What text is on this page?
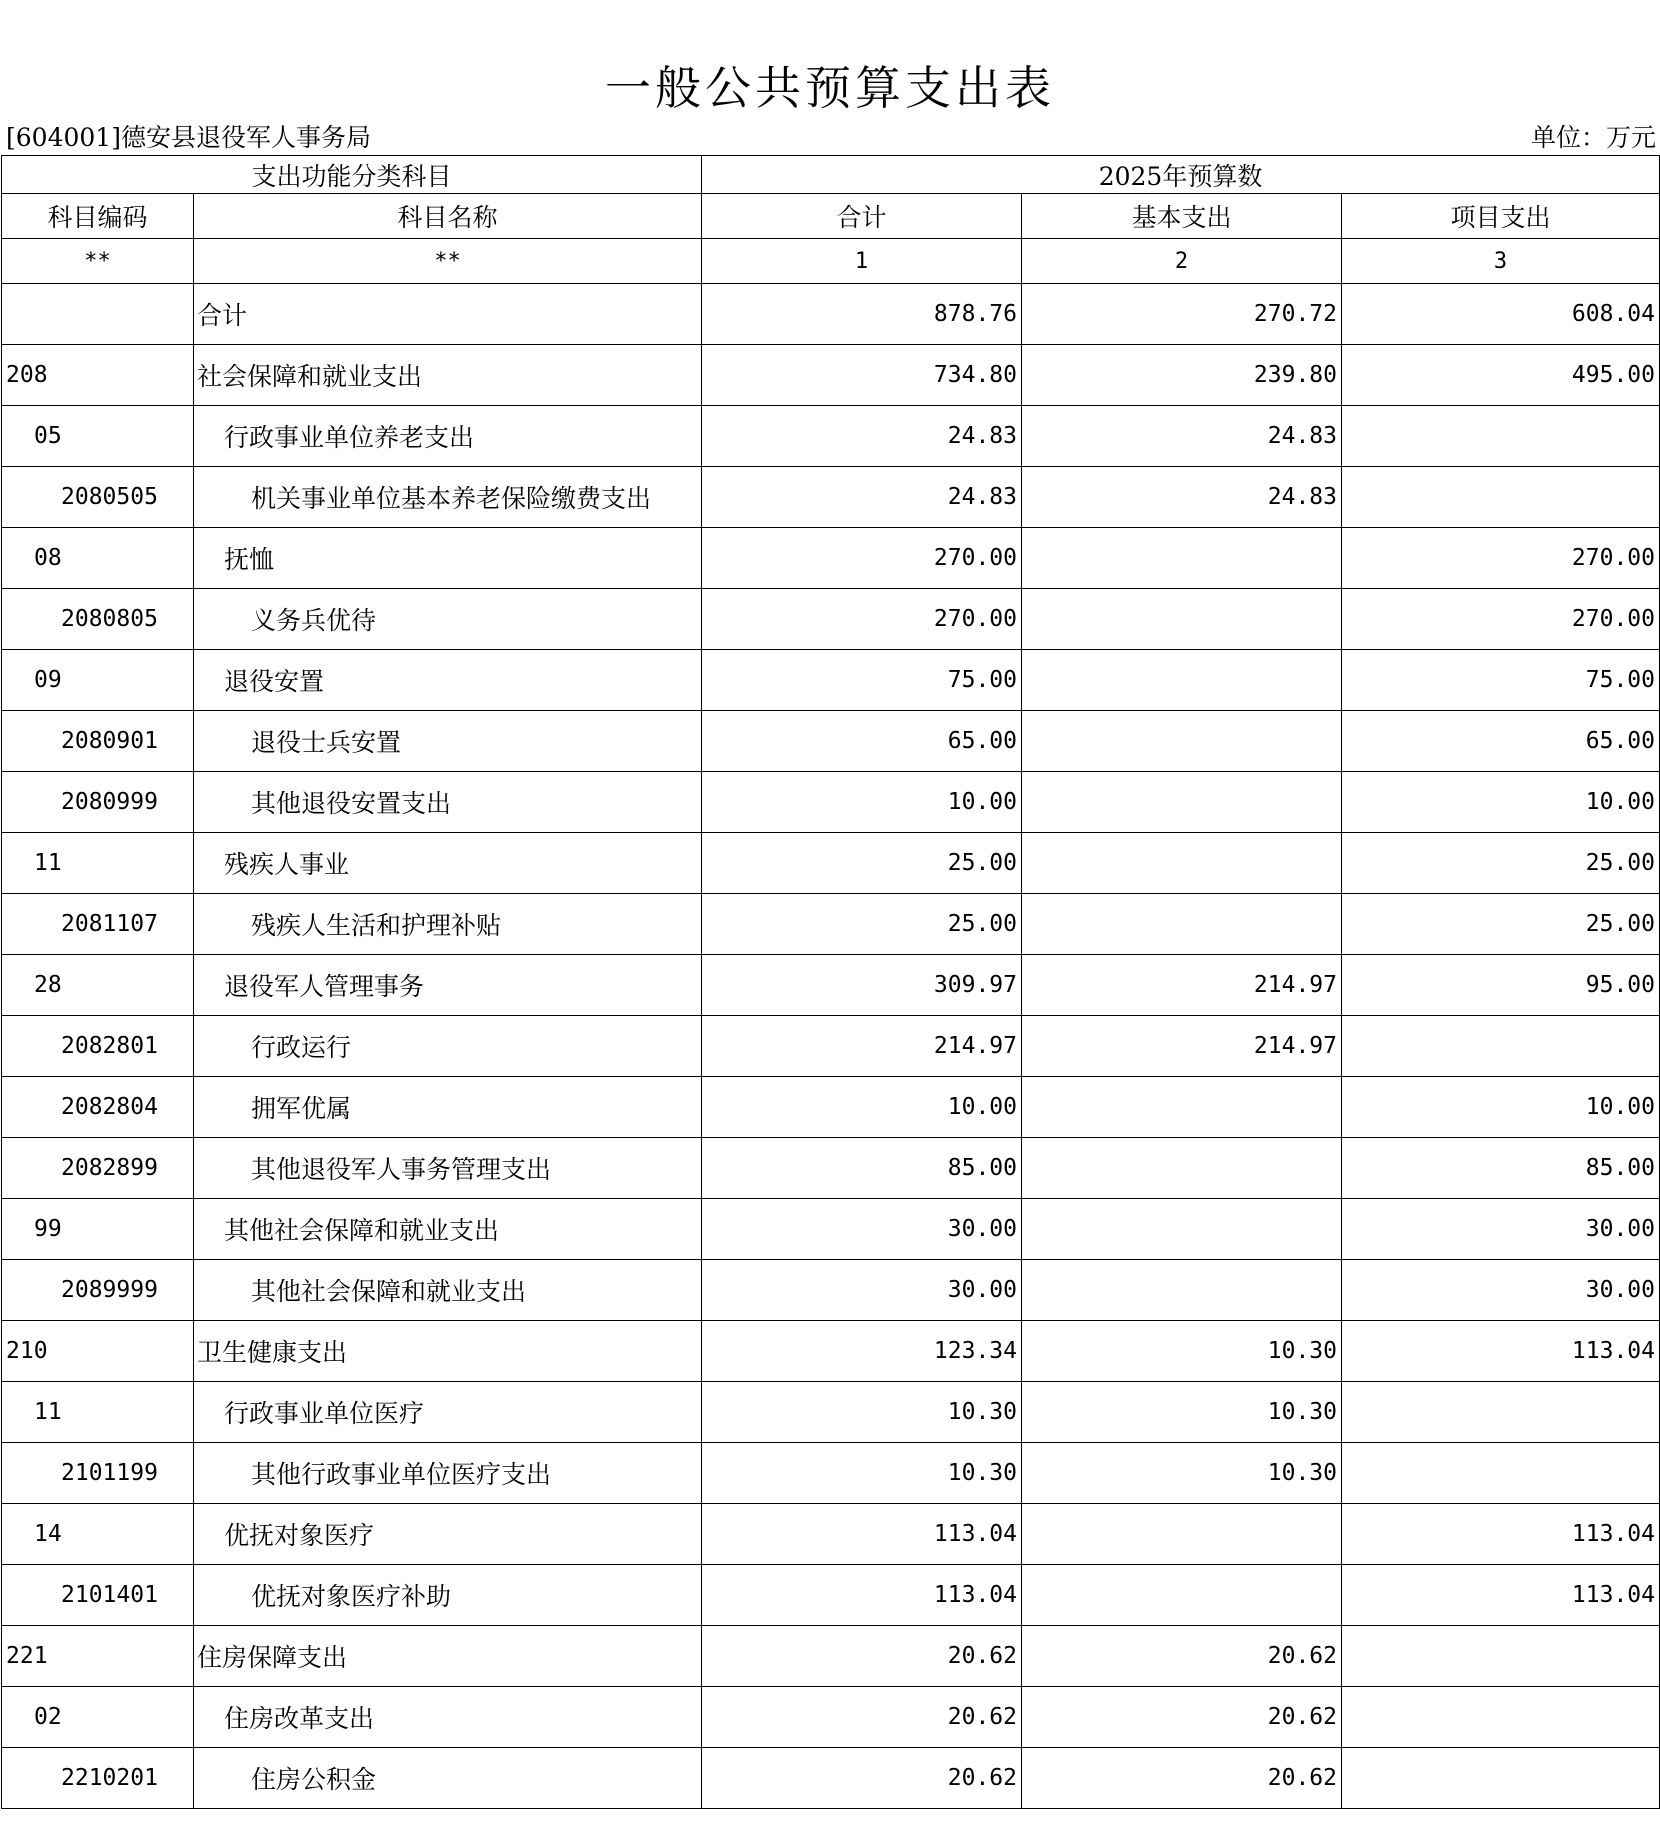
一般公共预算支出表
[604001]德安县退役军人事务局	单位：万元
支出功能分类科目		2025年预算数		
科目编码	科目名称	合计	基本支出	项目支出
**	**	1	2	3
	合计	878.76	270.72	608.04
208	社会保障和就业支出	734.80	239.80	495.00
05	行政事业单位养老支出	24.83	24.83	
2080505	机关事业单位基本养老保险缴费支出	24.83	24.83	
08	抚恤	270.00		270.00
2080805	义务兵优待	270.00		270.00
09	退役安置	75.00		75.00
2080901	退役士兵安置	65.00		65.00
2080999	其他退役安置支出	10.00		10.00
11	残疾人事业	25.00		25.00
2081107	残疾人生活和护理补贴	25.00		25.00
28	退役军人管理事务	309.97	214.97	95.00
2082801	行政运行	214.97	214.97	
2082804	拥军优属	10.00		10.00
2082899	其他退役军人事务管理支出	85.00		85.00
99	其他社会保障和就业支出	30.00		30.00
2089999	其他社会保障和就业支出	30.00		30.00
210	卫生健康支出	123.34	10.30	113.04
11	行政事业单位医疗	10.30	10.30	
2101199	其他行政事业单位医疗支出	10.30	10.30	
14	优抚对象医疗	113.04		113.04
2101401	优抚对象医疗补助	113.04		113.04
221	住房保障支出	20.62	20.62	
02	住房改革支出	20.62	20.62	
2210201	住房公积金	20.62	20.62	
